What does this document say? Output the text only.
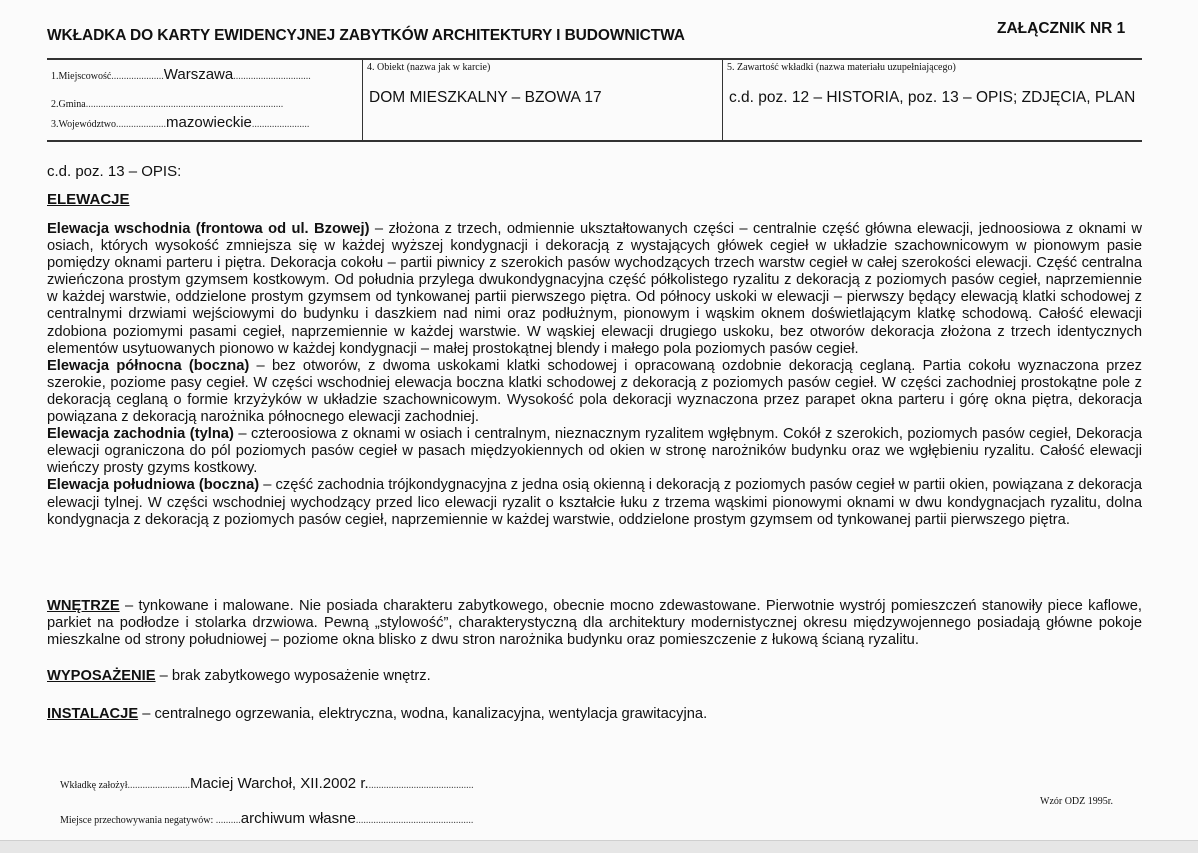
WKŁADKA DO KARTY EWIDENCYJNEJ ZABYTKÓW ARCHITEKTURY I BUDOWNICTWA	ZAŁĄCZNIK NR 1
1.Miejscowość.....................Warszawa...............................
2.Gmina...............................................................................
3.Województwo....................mazowieckie.......................
4. Obiekt (nazwa jak w karcie)
DOM MIESZKALNY – BZOWA 17
5. Zawartość wkładki (nazwa materiału uzupełniającego)
c.d. poz. 12 – HISTORIA, poz. 13 – OPIS; ZDJĘCIA, PLAN
c.d. poz. 13 – OPIS:
ELEWACJE

Elewacja wschodnia (frontowa od ul. Bzowej) – złożona z trzech, odmiennie ukształtowanych części – centralnie część główna elewacji, jednoosiowa z oknami w osiach, których wysokość zmniejsza się w każdej wyższej kondygnacji i dekoracją z wystających główek cegieł w układzie szachownicowym w pionowym pasie pomiędzy oknami parteru i piętra. Dekoracja cokołu – partii piwnicy z szerokich pasów wychodzących trzech warstw cegieł w całej szerokości elewacji. Część centralna zwieńczona prostym gzymsem kostkowym. Od południa przylega dwukondygnacyjna część półkolistego ryzalitu z dekoracją z poziomych pasów cegieł, naprzemiennie w każdej warstwie, oddzielone prostym gzymsem od tynkowanej partii pierwszego piętra. Od północy uskoki w elewacji – pierwszy będący elewacją klatki schodowej z centralnymi drzwiami wejściowymi do budynku i daszkiem nad nimi oraz podłużnym, pionowym i wąskim oknem doświetlającym klatkę schodową. Całość elewacji zdobiona poziomymi pasami cegieł, naprzemiennie w każdej warstwie. W wąskiej elewacji drugiego uskoku, bez otworów dekoracja złożona z trzech identycznych elementów usytuowanych pionowo w każdej kondygnacji – małej prostokątnej blendy i małego pola poziomych pasów cegieł.

Elewacja północna (boczna) – bez otworów, z dwoma uskokami klatki schodowej i opracowaną ozdobnie dekoracją ceglaną. Partia cokołu wyznaczona przez szerokie, poziome pasy cegieł. W części wschodniej elewacja boczna klatki schodowej z dekoracją z poziomych pasów cegieł. W części zachodniej prostokątne pole z dekoracją ceglaną o formie krzyżyków w układzie szachownicowym. Wysokość pola dekoracji wyznaczona przez parapet okna parteru i górę okna piętra, dekoracja powiązana z dekoracją narożnika północnego elewacji zachodniej.

Elewacja zachodnia (tylna) – czteroosiowa z oknami w osiach i centralnym, nieznacznym ryzalitem wgłębnym. Cokół z szerokich, poziomych pasów cegieł, Dekoracja elewacji ograniczona do pól poziomych pasów cegieł w pasach międzyokiennych od okien w stronę narożników budynku oraz we wgłębieniu ryzalitu. Całość elewacji wieńczy prosty gzyms kostkowy.

Elewacja południowa (boczna) – część zachodnia trójkondygnacyjna z jedna osią okienną i dekoracją z poziomych pasów cegieł w partii okien, powiązana z dekoracja elewacji tylnej. W części wschodniej wychodzący przed lico elewacji ryzalit o kształcie łuku z trzema wąskimi pionowymi oknami w dwu kondygnacjach ryzalitu, dolna kondygnacja z dekoracją z poziomych pasów cegieł, naprzemiennie w każdej warstwie, oddzielone prostym gzymsem od tynkowanej partii pierwszego piętra.

WNĘTRZE – tynkowane i malowane. Nie posiada charakteru zabytkowego, obecnie mocno zdewastowane. Pierwotnie wystrój pomieszczeń stanowiły piece kaflowe, parkiet na podłodze i stolarka drzwiowa. Pewną „stylowość”, charakterystyczną dla architektury modernistycznej okresu międzywojennego posiadają główne pokoje mieszkalne od strony południowej – poziome okna blisko z dwu stron narożnika budynku oraz pomieszczenie z łukową ścianą ryzalitu.
WYPOSAŻENIE – brak zabytkowego wyposażenie wnętrz.
INSTALACJE – centralnego ogrzewania, elektryczna, wodna, kanalizacyjna, wentylacja grawitacyjna.
Wkładkę założył.........................Maciej Warchoł, XII.2002 r...........................................
Miejsce przechowywania negatywów: ..........archiwum własne...............................................
Wzór ODZ 1995r.
